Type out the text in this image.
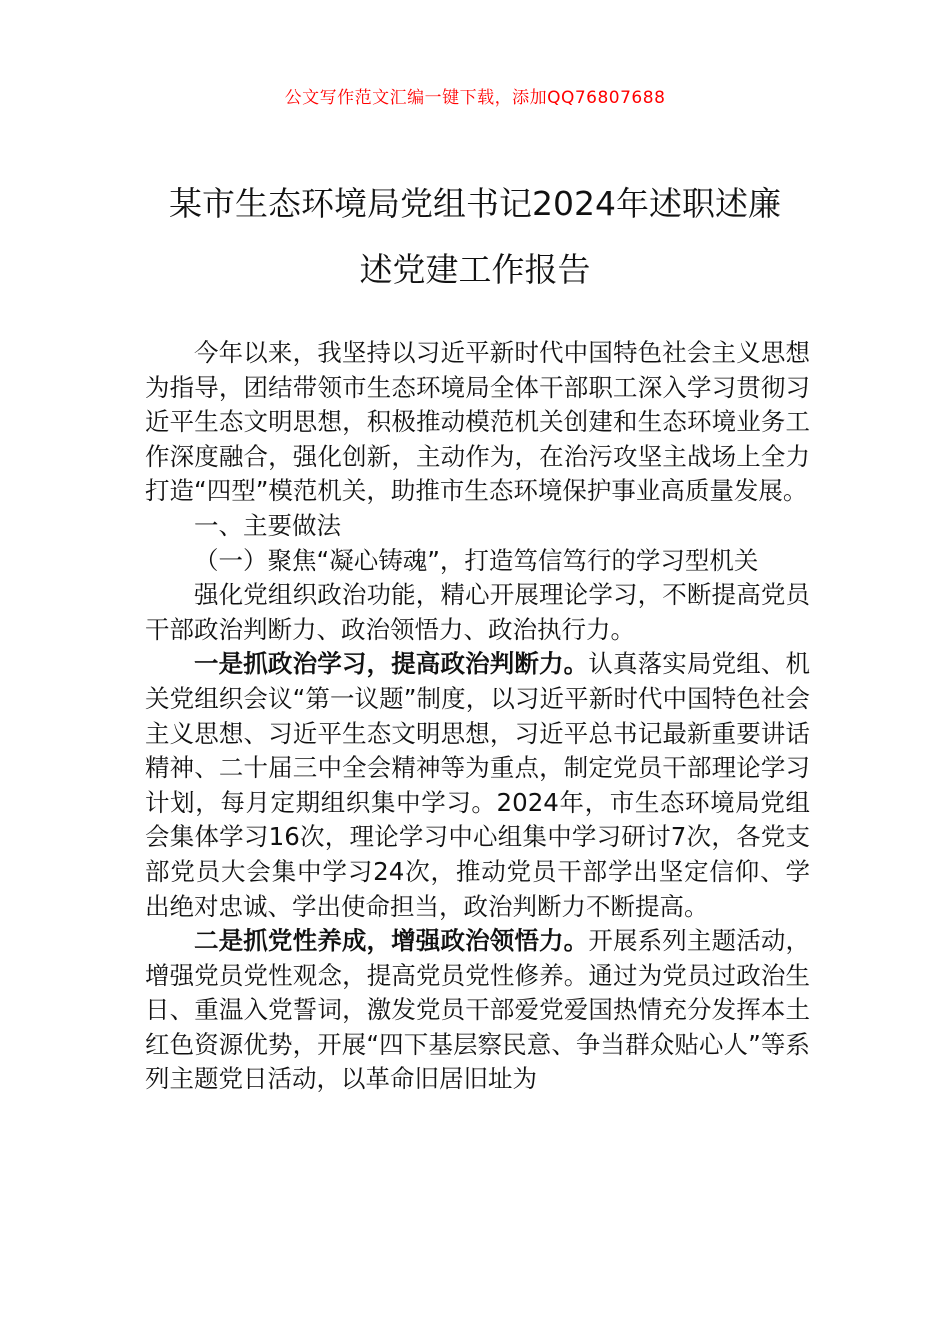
公文写作范文汇编一键下载，添加QQ76807688
某市生态环境局党组书记2024年述职述廉
述党建工作报告

今年以来，我坚持以习近平新时代中国特色社会主义思想为指导，团结带领市生态环境局全体干部职工深入学习贯彻习近平生态文明思想，积极推动模范机关创建和生态环境业务工作深度融合，强化创新，主动作为，在治污攻坚主战场上全力打造“四型”模范机关，助推市生态环境保护事业高质量发展。

一、主要做法

（一）聚焦“凝心铸魂”，打造笃信笃行的学习型机关

强化党组织政治功能，精心开展理论学习，不断提高党员干部政治判断力、政治领悟力、政治执行力。

一是抓政治学习，提高政治判断力。认真落实局党组、机关党组织会议“第一议题”制度，以习近平新时代中国特色社会主义思想、习近平生态文明思想，习近平总书记最新重要讲话精神、二十届三中全会精神等为重点，制定党员干部理论学习计划，每月定期组织集中学习。2024年，市生态环境局党组会集体学习16次，理论学习中心组集中学习研讨7次，各党支部党员大会集中学习24次，推动党员干部学出坚定信仰、学出绝对忠诚、学出使命担当，政治判断力不断提高。

二是抓党性养成，增强政治领悟力。开展系列主题活动，增强党员党性观念，提高党员党性修养。通过为党员过政治生日、重温入党誓词，激发党员干部爱党爱国热情充分发挥本土红色资源优势，开展“四下基层察民意、争当群众贴心人”等系列主题党日活动，以革命旧居旧址为
